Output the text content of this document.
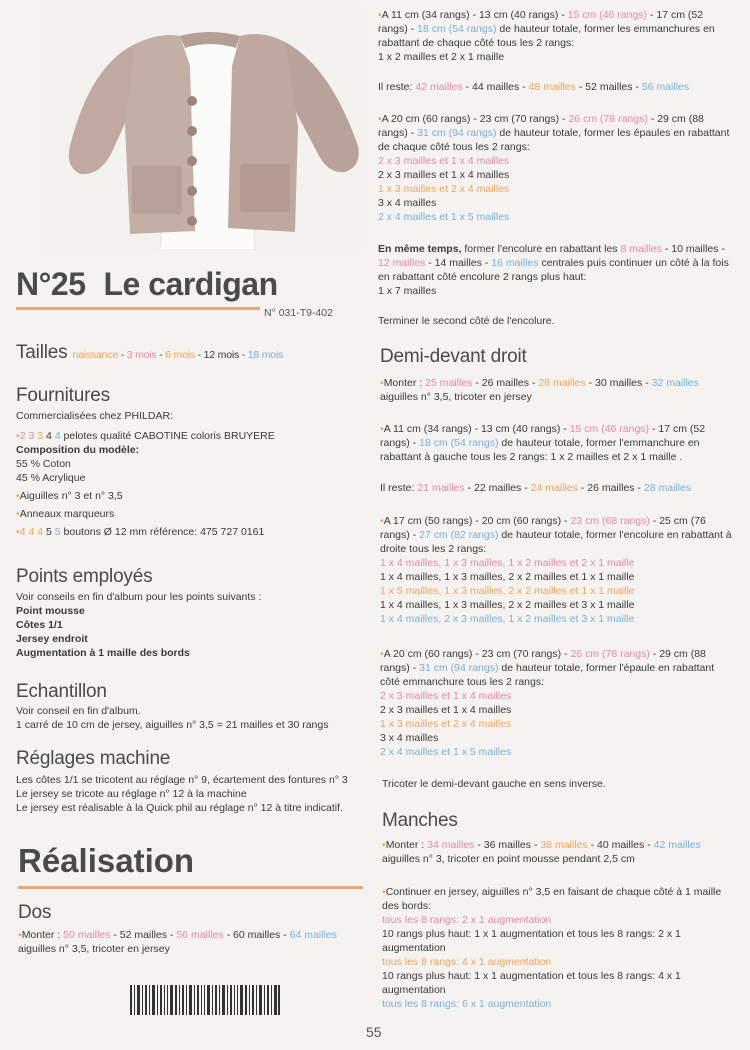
N°25 Le cardigan
N° 031-T9-402
Tailles naissance - 3 mois - 6 mois - 12 mois - 18 mois
Fournitures

Commercialisées chez PHILDAR:

•2 3 3 4 4 pelotes qualité CABOTINE coloris BRUYERE

Composition du modèle:

55 % Coton

45 % Acrylique

•Aiguilles n° 3 et n° 3,5

•Anneaux marqueurs

•4 4 4 5 5 boutons Ø 12 mm référence: 475 727 0161

Points employés

Voir conseils en fin d'album pour les points suivants :

Point mousse

Côtes 1/1

Jersey endroit

Augmentation à 1 maille des bords

Echantillon

Voir conseil en fin d'album.

1 carré de 10 cm de jersey, aiguilles n° 3,5 = 21 mailles et 30 rangs

Réglages machine

Les côtes 1/1 se tricotent au réglage n° 9, écartement des fontures n° 3

Le jersey se tricote au réglage n° 12 à la machine

Le jersey est réalisable à la Quick phil au réglage n° 12 à titre indicatif.

Réalisation
Dos
•Monter : 50 mailles - 52 mailles - 56 mailles - 60 mailles - 64 mailles

aiguilles n° 3,5, tricoter en jersey

•A 11 cm (34 rangs) - 13 cm (40 rangs) - 15 cm (46 rangs) - 17 cm (52 rangs) - 18 cm (54 rangs) de hauteur totale, former les emmanchures en rabattant de chaque côté tous les 2 rangs:

1 x 2 mailles et 2 x 1 maille

Il reste: 42 mailles - 44 mailles - 48 mailles - 52 mailles - 56 mailles
•A 20 cm (60 rangs) - 23 cm (70 rangs) - 26 cm (78 rangs) - 29 cm (88 rangs) - 31 cm (94 rangs) de hauteur totale, former les épaules en rabattant de chaque côté tous les 2 rangs:

2 x 3 mailles et 1 x 4 mailles

2 x 3 mailles et 1 x 4 mailles

1 x 3 mailles et 2 x 4 mailles

3 x 4 mailles

2 x 4 mailles et 1 x 5 mailles

En même temps, former l'encolure en rabattant les 8 mailles - 10 mailles - 12 mailles - 14 mailles - 16 mailles centrales puis continuer un côté à la fois en rabattant côté encolure 2 rangs plus haut:

1 x 7 mailles

Terminer le second côté de l'encolure.
Demi-devant droit
•Monter : 25 mailles - 26 mailles - 28 mailles - 30 mailles - 32 mailles

aiguilles n° 3,5, tricoter en jersey

•A 11 cm (34 rangs) - 13 cm (40 rangs) - 15 cm (46 rangs) - 17 cm (52 rangs) - 18 cm (54 rangs) de hauteur totale, former l'emmanchure en rabattant à gauche tous les 2 rangs: 1 x 2 mailles et 2 x 1 maille .
Il reste: 21 mailles - 22 mailles - 24 mailles - 26 mailles - 28 mailles
•A 17 cm (50 rangs) - 20 cm (60 rangs) - 23 cm (68 rangs) - 25 cm (76 rangs) - 27 cm (82 rangs) de hauteur totale, former l'encolure en rabattant à droite tous les 2 rangs:

1 x 4 mailles, 1 x 3 mailles, 1 x 2 mailles et 2 x 1 maille

1 x 4 mailles, 1 x 3 mailles, 2 x 2 mailles et 1 x 1 maille

1 x 5 mailles, 1 x 3 mailles, 2 x 2 mailles et 1 x 1 maille

1 x 4 mailles, 1 x 3 mailles, 2 x 2 mailles et 3 x 1 maille

1 x 4 mailles, 2 x 3 mailles, 1 x 2 mailles et 3 x 1 maille

•A 20 cm (60 rangs) - 23 cm (70 rangs) - 26 cm (78 rangs) - 29 cm (88 rangs) - 31 cm (94 rangs) de hauteur totale, former l'épaule en rabattant côté emmanchure tous les 2 rangs:

2 x 3 mailles et 1 x 4 mailles

2 x 3 mailles et 1 x 4 mailles

1 x 3 mailles et 2 x 4 mailles

3 x 4 mailles

2 x 4 mailles et 1 x 5 mailles

Tricoter le demi-devant gauche en sens inverse.
Manches
•Monter : 34 mailles - 36 mailles - 38 mailles - 40 mailles - 42 mailles

aiguilles n° 3, tricoter en point mousse pendant 2,5 cm

•Continuer en jersey, aiguilles n° 3,5 en faisant de chaque côté à 1 maille des bords:

tous les 8 rangs: 2 x 1 augmentation

10 rangs plus haut: 1 x 1 augmentation et tous les 8 rangs: 2 x 1 augmentation

tous les 8 rangs: 4 x 1 augmentation

10 rangs plus haut: 1 x 1 augmentation et tous les 8 rangs: 4 x 1 augmentation

tous les 8 rangs: 6 x 1 augmentation

55
